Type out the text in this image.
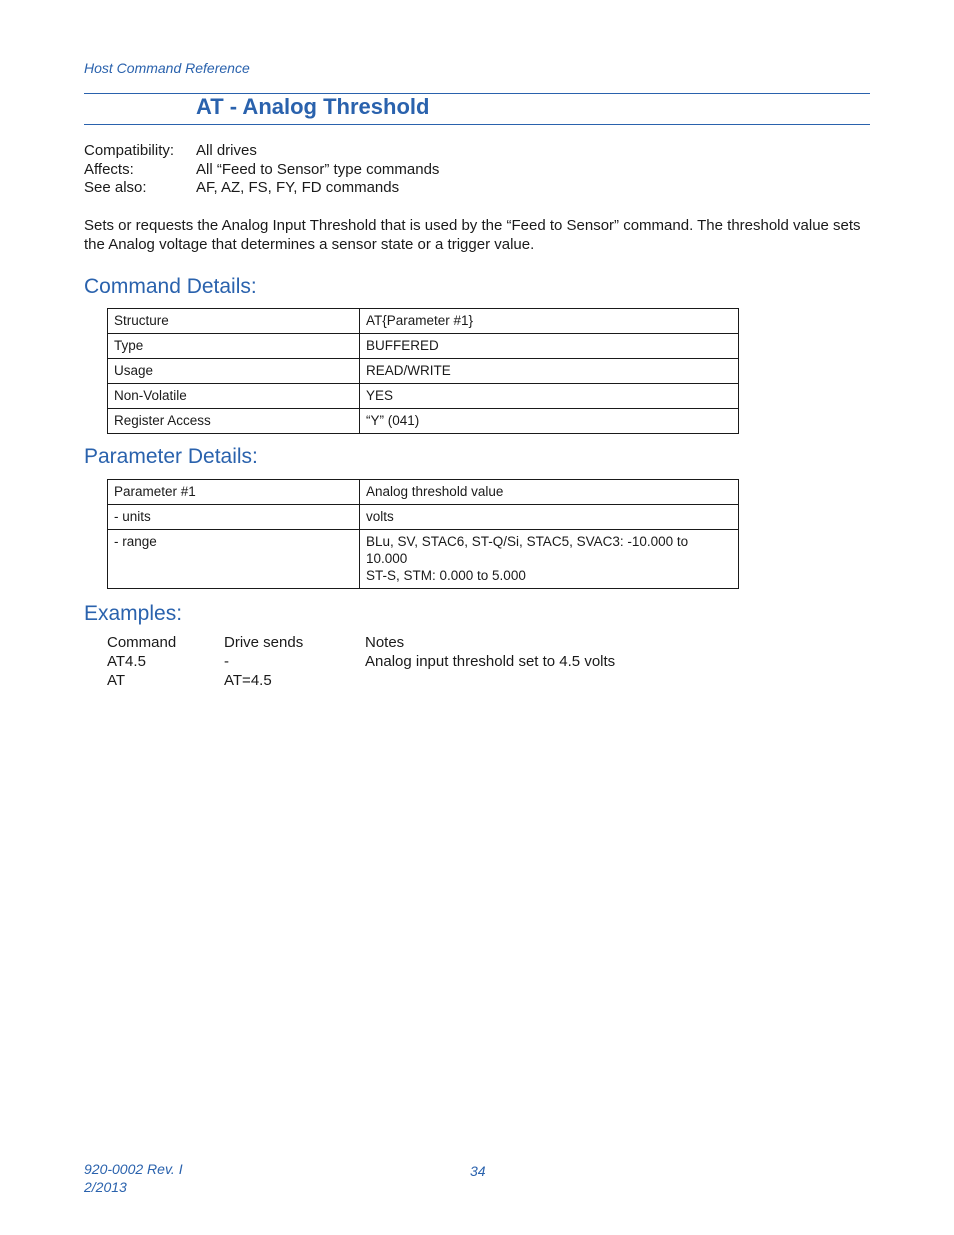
Host Command Reference
AT - Analog Threshold
Compatibility:	All drives
Affects:	All “Feed to Sensor” type commands
See also:	AF, AZ, FS, FY, FD commands
Sets or requests the Analog Input Threshold that is used by the “Feed to Sensor” command. The threshold value sets the Analog voltage that determines a sensor state or a trigger value.
Command Details:
Structure	AT{Parameter #1}
Type	BUFFERED
Usage	READ/WRITE
Non-Volatile	YES
Register Access	“Y” (041)
Parameter Details:
Parameter #1	Analog threshold value
- units	volts
- range	BLu, SV, STAC6, ST-Q/Si, STAC5, SVAC3: -10.000 to 10.000
ST-S, STM: 0.000 to 5.000
Examples:
Command	Drive sends	Notes
AT4.5	-	Analog input threshold set to 4.5 volts
AT	AT=4.5
920-0002 Rev. I
2/2013
34
